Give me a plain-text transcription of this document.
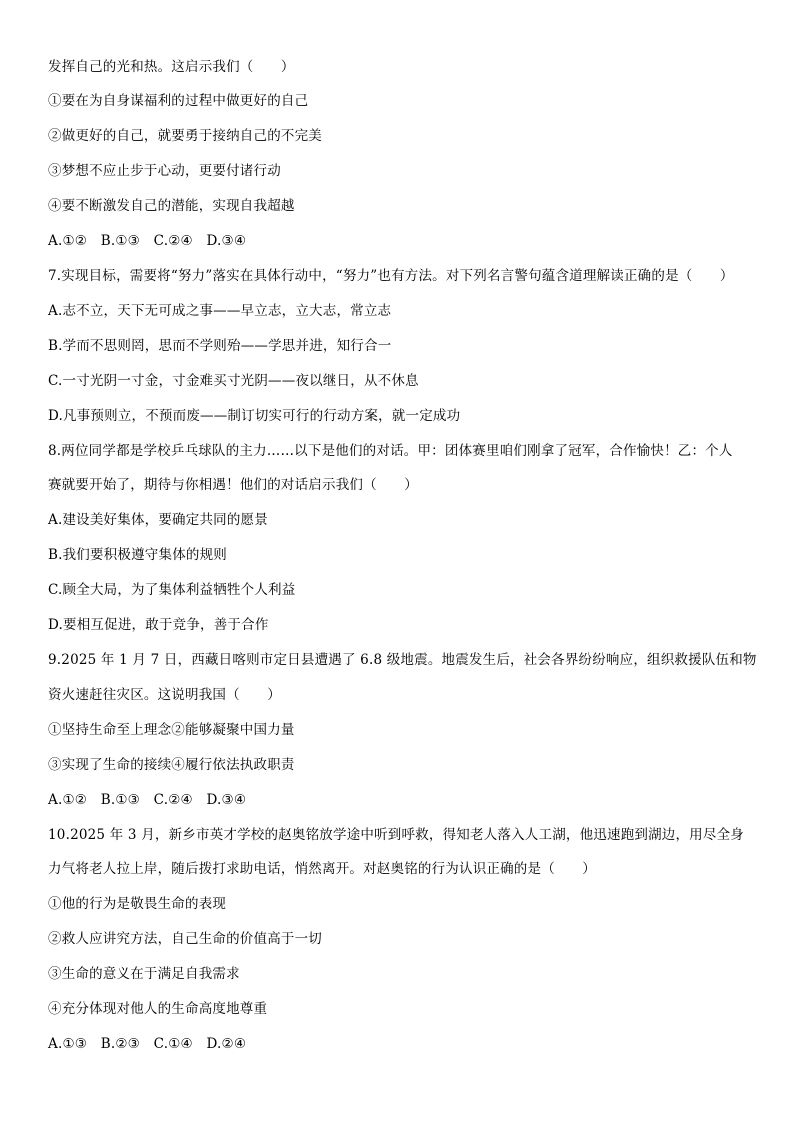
发挥自己的光和热。这启示我们（　　）
①要在为自身谋福利的过程中做更好的自己
②做更好的自己，就要勇于接纳自己的不完美
③梦想不应止步于心动，更要付诸行动
④要不断激发自己的潜能，实现自我超越
A.①②　B.①③　C.②④　D.③④
7.实现目标，需要将“努力”落实在具体行动中，“努力”也有方法。对下列名言警句蕴含道理解读正确的是（　　）
A.志不立，天下无可成之事——早立志，立大志，常立志
B.学而不思则罔，思而不学则殆——学思并进，知行合一
C.一寸光阴一寸金，寸金难买寸光阴——夜以继日，从不休息
D.凡事预则立，不预而废——制订切实可行的行动方案，就一定成功
8.两位同学都是学校乒乓球队的主力……以下是他们的对话。甲：团体赛里咱们刚拿了冠军，合作愉快！乙：个人
赛就要开始了，期待与你相遇！他们的对话启示我们（　　）
A.建设美好集体，要确定共同的愿景
B.我们要积极遵守集体的规则
C.顾全大局，为了集体利益牺牲个人利益
D.要相互促进，敢于竞争，善于合作
9.2025 年 1 月 7 日，西藏日喀则市定日县遭遇了 6.8 级地震。地震发生后，社会各界纷纷响应，组织救援队伍和物
资火速赶往灾区。这说明我国（　　）
①坚持生命至上理念②能够凝聚中国力量
③实现了生命的接续④履行依法执政职责
A.①②　B.①③　C.②④　D.③④
10.2025 年 3 月，新乡市英才学校的赵奥铭放学途中听到呼救，得知老人落入人工湖，他迅速跑到湖边，用尽全身
力气将老人拉上岸，随后拨打求助电话，悄然离开。对赵奥铭的行为认识正确的是（　　）
①他的行为是敬畏生命的表现
②救人应讲究方法，自己生命的价值高于一切
③生命的意义在于满足自我需求
④充分体现对他人的生命高度地尊重
A.①③　B.②③　C.①④　D.②④
